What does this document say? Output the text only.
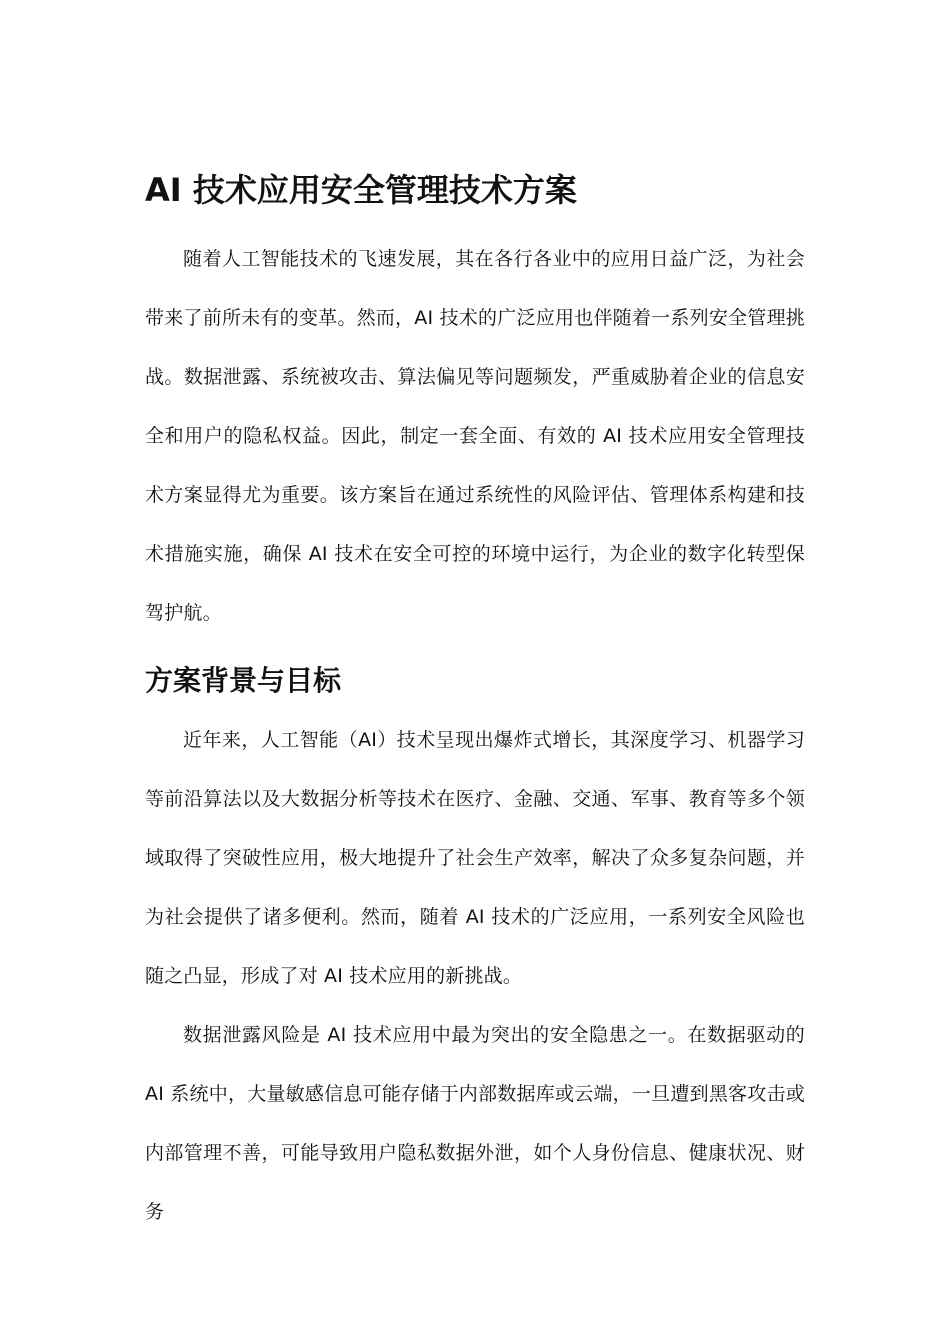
AI 技术应用安全管理技术方案

随着人工智能技术的飞速发展，其在各行各业中的应用日益广泛，为社会带来了前所未有的变革。然而，AI 技术的广泛应用也伴随着一系列安全管理挑战。数据泄露、系统被攻击、算法偏见等问题频发，严重威胁着企业的信息安全和用户的隐私权益。因此，制定一套全面、有效的 AI 技术应用安全管理技术方案显得尤为重要。该方案旨在通过系统性的风险评估、管理体系构建和技术措施实施，确保 AI 技术在安全可控的环境中运行，为企业的数字化转型保驾护航。

方案背景与目标

近年来，人工智能（AI）技术呈现出爆炸式增长，其深度学习、机器学习等前沿算法以及大数据分析等技术在医疗、金融、交通、军事、教育等多个领域取得了突破性应用，极大地提升了社会生产效率，解决了众多复杂问题，并为社会提供了诸多便利。然而，随着 AI 技术的广泛应用，一系列安全风险也随之凸显，形成了对 AI 技术应用的新挑战。

数据泄露风险是 AI 技术应用中最为突出的安全隐患之一。在数据驱动的 AI 系统中，大量敏感信息可能存储于内部数据库或云端，一旦遭到黑客攻击或内部管理不善，可能导致用户隐私数据外泄，如个人身份信息、健康状况、财务
